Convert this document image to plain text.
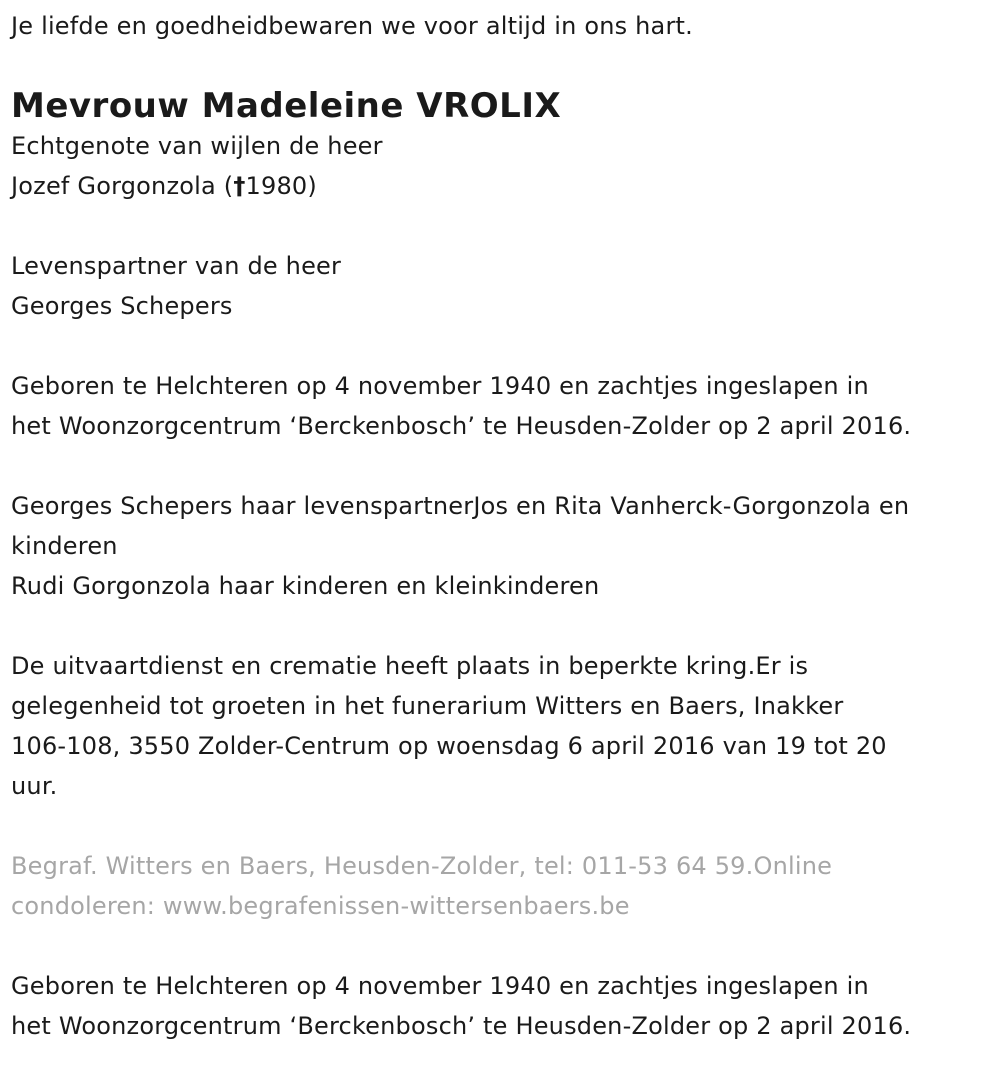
Je liefde en goedheidbewaren we voor altijd in ons hart.
Mevrouw Madeleine VROLIX
Echtgenote van wijlen de heer
Jozef Gorgonzola (†1980)
Levenspartner van de heer
Georges Schepers
Geboren te Helchteren op 4 november 1940 en zachtjes ingeslapen in
het Woonzorgcentrum ‘Berckenbosch’ te Heusden-Zolder op 2 april 2016.
Georges Schepers haar levenspartnerJos en Rita Vanherck-Gorgonzola en
kinderen
Rudi Gorgonzola haar kinderen en kleinkinderen
De uitvaartdienst en crematie heeft plaats in beperkte kring.Er is
gelegenheid tot groeten in het funerarium Witters en Baers, Inakker
106-108, 3550 Zolder-Centrum op woensdag 6 april 2016 van 19 tot 20
uur.
Begraf. Witters en Baers, Heusden-Zolder, tel: 011-53 64 59.Online
condoleren: www.begrafenissen-wittersenbaers.be
Geboren te Helchteren op 4 november 1940 en zachtjes ingeslapen in
het Woonzorgcentrum ‘Berckenbosch’ te Heusden-Zolder op 2 april 2016.
